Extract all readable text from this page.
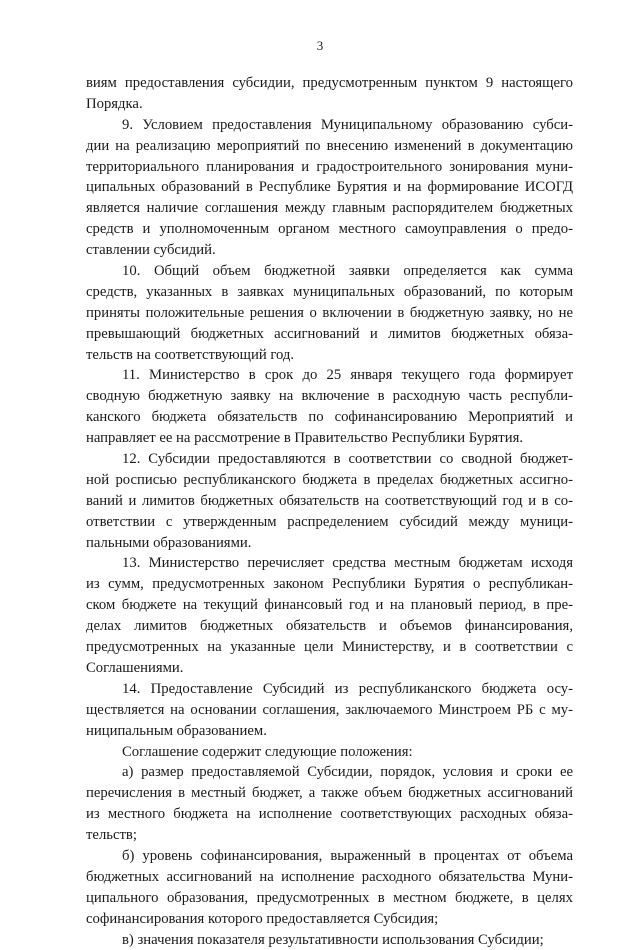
3
виям предоставления субсидии, предусмотренным пунктом 9 настоящего
Порядка.
9. Условием предоставления Муниципальному образованию субси-
дии на реализацию мероприятий по внесению изменений в документацию
территориального планирования и градостроительного зонирования муни-
ципальных образований в Республике Бурятия и на формирование ИСОГД
является наличие соглашения между главным распорядителем бюджетных
средств и уполномоченным органом местного самоуправления о предо-
ставлении субсидий.
10. Общий объем бюджетной заявки определяется как сумма
средств, указанных в заявках муниципальных образований, по которым
приняты положительные решения о включении в бюджетную заявку, но не
превышающий бюджетных ассигнований и лимитов бюджетных обяза-
тельств на соответствующий год.
11. Министерство в срок до 25 января текущего года формирует
сводную бюджетную заявку на включение в расходную часть республи-
канского бюджета обязательств по софинансированию Мероприятий и
направляет ее на рассмотрение в Правительство Республики Бурятия.
12. Субсидии предоставляются в соответствии со сводной бюджет-
ной росписью республиканского бюджета в пределах бюджетных ассигно-
ваний и лимитов бюджетных обязательств на соответствующий год и в со-
ответствии с утвержденным распределением субсидий между муници-
пальными образованиями.
13. Министерство перечисляет средства местным бюджетам исходя
из сумм, предусмотренных законом Республики Бурятия о республикан-
ском бюджете на текущий финансовый год и на плановый период, в пре-
делах лимитов бюджетных обязательств и объемов финансирования,
предусмотренных на указанные цели Министерству, и в соответствии с
Соглашениями.
14. Предоставление Субсидий из республиканского бюджета осу-
ществляется на основании соглашения, заключаемого Минстроем РБ с му-
ниципальным образованием.
Соглашение содержит следующие положения:
а) размер предоставляемой Субсидии, порядок, условия и сроки ее
перечисления в местный бюджет, а также объем бюджетных ассигнований
из местного бюджета на исполнение соответствующих расходных обяза-
тельств;
б) уровень софинансирования, выраженный в процентах от объема
бюджетных ассигнований на исполнение расходного обязательства Муни-
ципального образования, предусмотренных в местном бюджете, в целях
софинансирования которого предоставляется Субсидия;
в) значения показателя результативности использования Субсидии;
